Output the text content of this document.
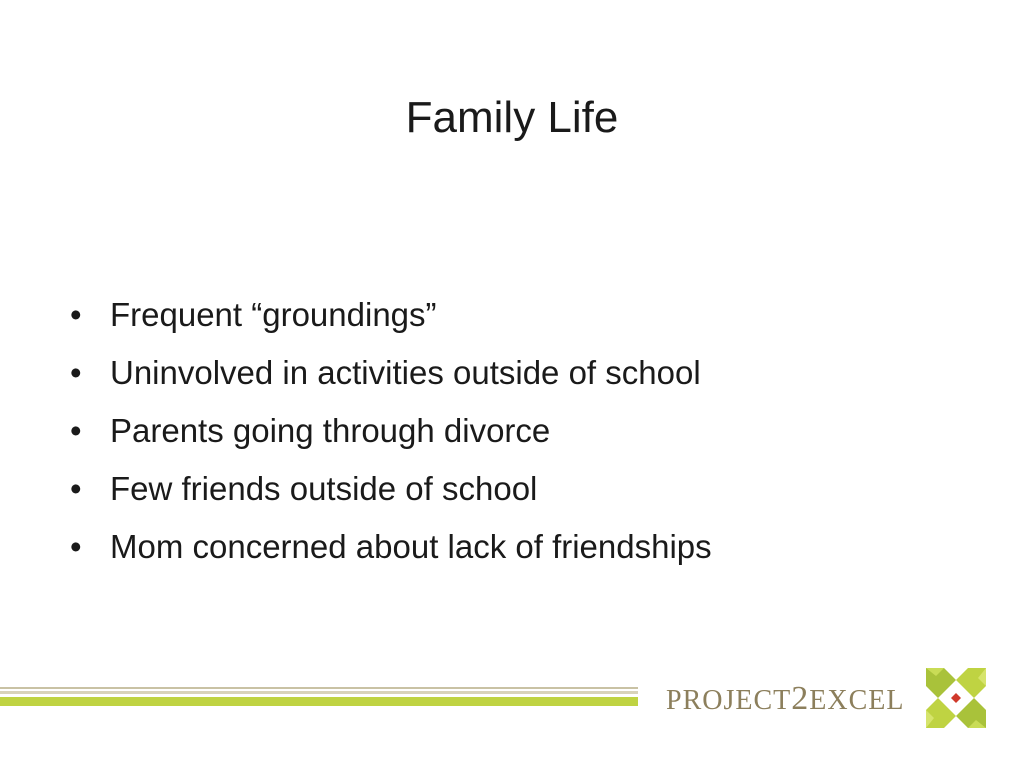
Family Life
• Frequent “groundings”
• Uninvolved in activities outside of school
• Parents going through divorce
• Few friends outside of school
• Mom concerned about lack of friendships
PROJECT2EXCEL
